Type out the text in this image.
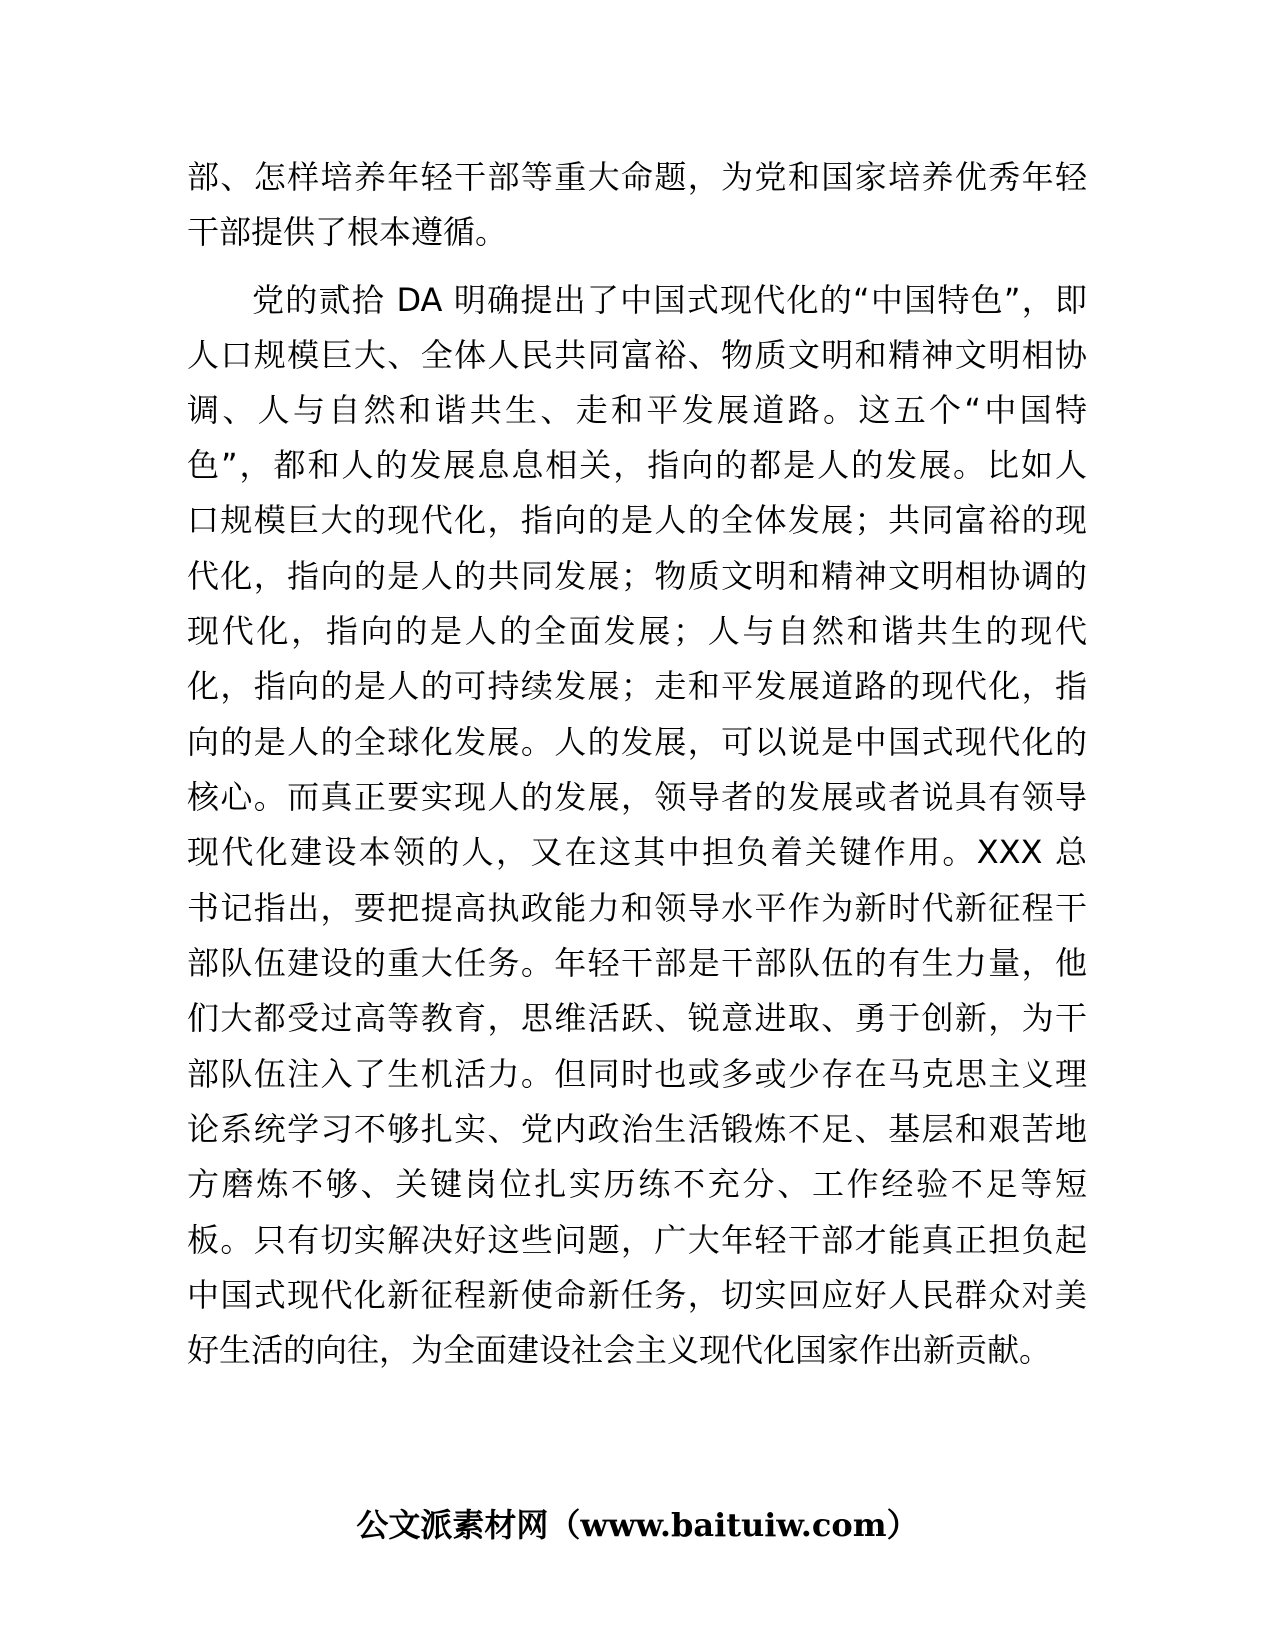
部、怎样培养年轻干部等重大命题，为党和国家培养优秀年轻
干部提供了根本遵循。
党的贰拾 DA 明确提出了中国式现代化的“中国特色”，即
人口规模巨大、全体人民共同富裕、物质文明和精神文明相协
调、人与自然和谐共生、走和平发展道路。这五个“中国特
色”，都和人的发展息息相关，指向的都是人的发展。比如人
口规模巨大的现代化，指向的是人的全体发展；共同富裕的现
代化，指向的是人的共同发展；物质文明和精神文明相协调的
现代化，指向的是人的全面发展；人与自然和谐共生的现代
化，指向的是人的可持续发展；走和平发展道路的现代化，指
向的是人的全球化发展。人的发展，可以说是中国式现代化的
核心。而真正要实现人的发展，领导者的发展或者说具有领导
现代化建设本领的人，又在这其中担负着关键作用。XXX 总
书记指出，要把提高执政能力和领导水平作为新时代新征程干
部队伍建设的重大任务。年轻干部是干部队伍的有生力量，他
们大都受过高等教育，思维活跃、锐意进取、勇于创新，为干
部队伍注入了生机活力。但同时也或多或少存在马克思主义理
论系统学习不够扎实、党内政治生活锻炼不足、基层和艰苦地
方磨炼不够、关键岗位扎实历练不充分、工作经验不足等短
板。只有切实解决好这些问题，广大年轻干部才能真正担负起
中国式现代化新征程新使命新任务，切实回应好人民群众对美
好生活的向往，为全面建设社会主义现代化国家作出新贡献。
公文派素材网（www.baituiw.com）
